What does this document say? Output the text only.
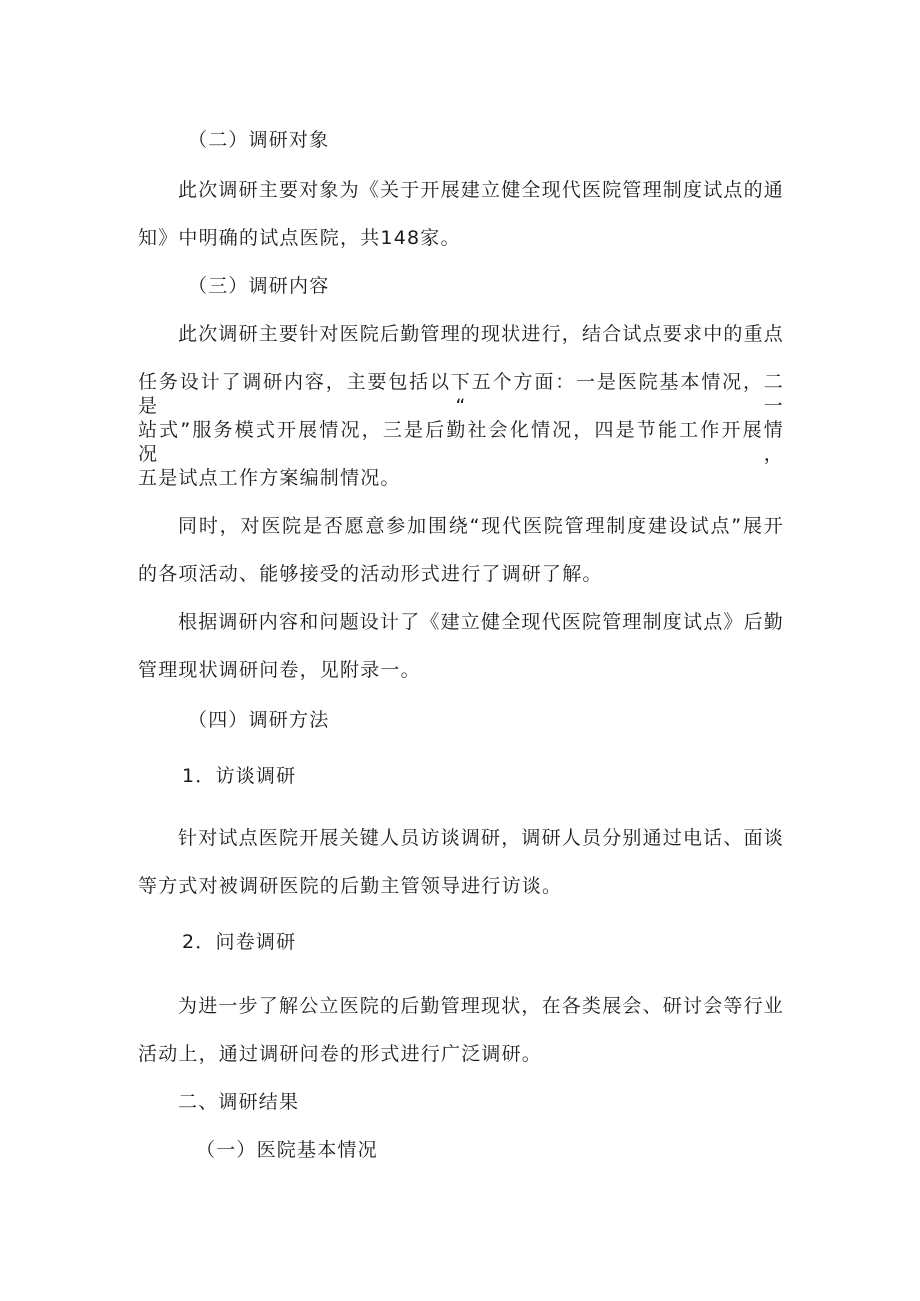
（二）调研对象
此次调研主要对象为《关于开展建立健全现代医院管理制度试点的通
知》中明确的试点医院，共148家。
（三）调研内容
此次调研主要针对医院后勤管理的现状进行，结合试点要求中的重点
任务设计了调研内容，主要包括以下五个方面：一是医院基本情况，二是“一
站式”服务模式开展情况，三是后勤社会化情况，四是节能工作开展情况，
五是试点工作方案编制情况。
同时，对医院是否愿意参加围绕“现代医院管理制度建设试点”展开
的各项活动、能够接受的活动形式进行了调研了解。
根据调研内容和问题设计了《建立健全现代医院管理制度试点》后勤
管理现状调研问卷，见附录一。
（四）调研方法
1．访谈调研
针对试点医院开展关键人员访谈调研，调研人员分别通过电话、面谈
等方式对被调研医院的后勤主管领导进行访谈。
2．问卷调研
为进一步了解公立医院的后勤管理现状，在各类展会、研讨会等行业
活动上，通过调研问卷的形式进行广泛调研。
二、调研结果
（一）医院基本情况
